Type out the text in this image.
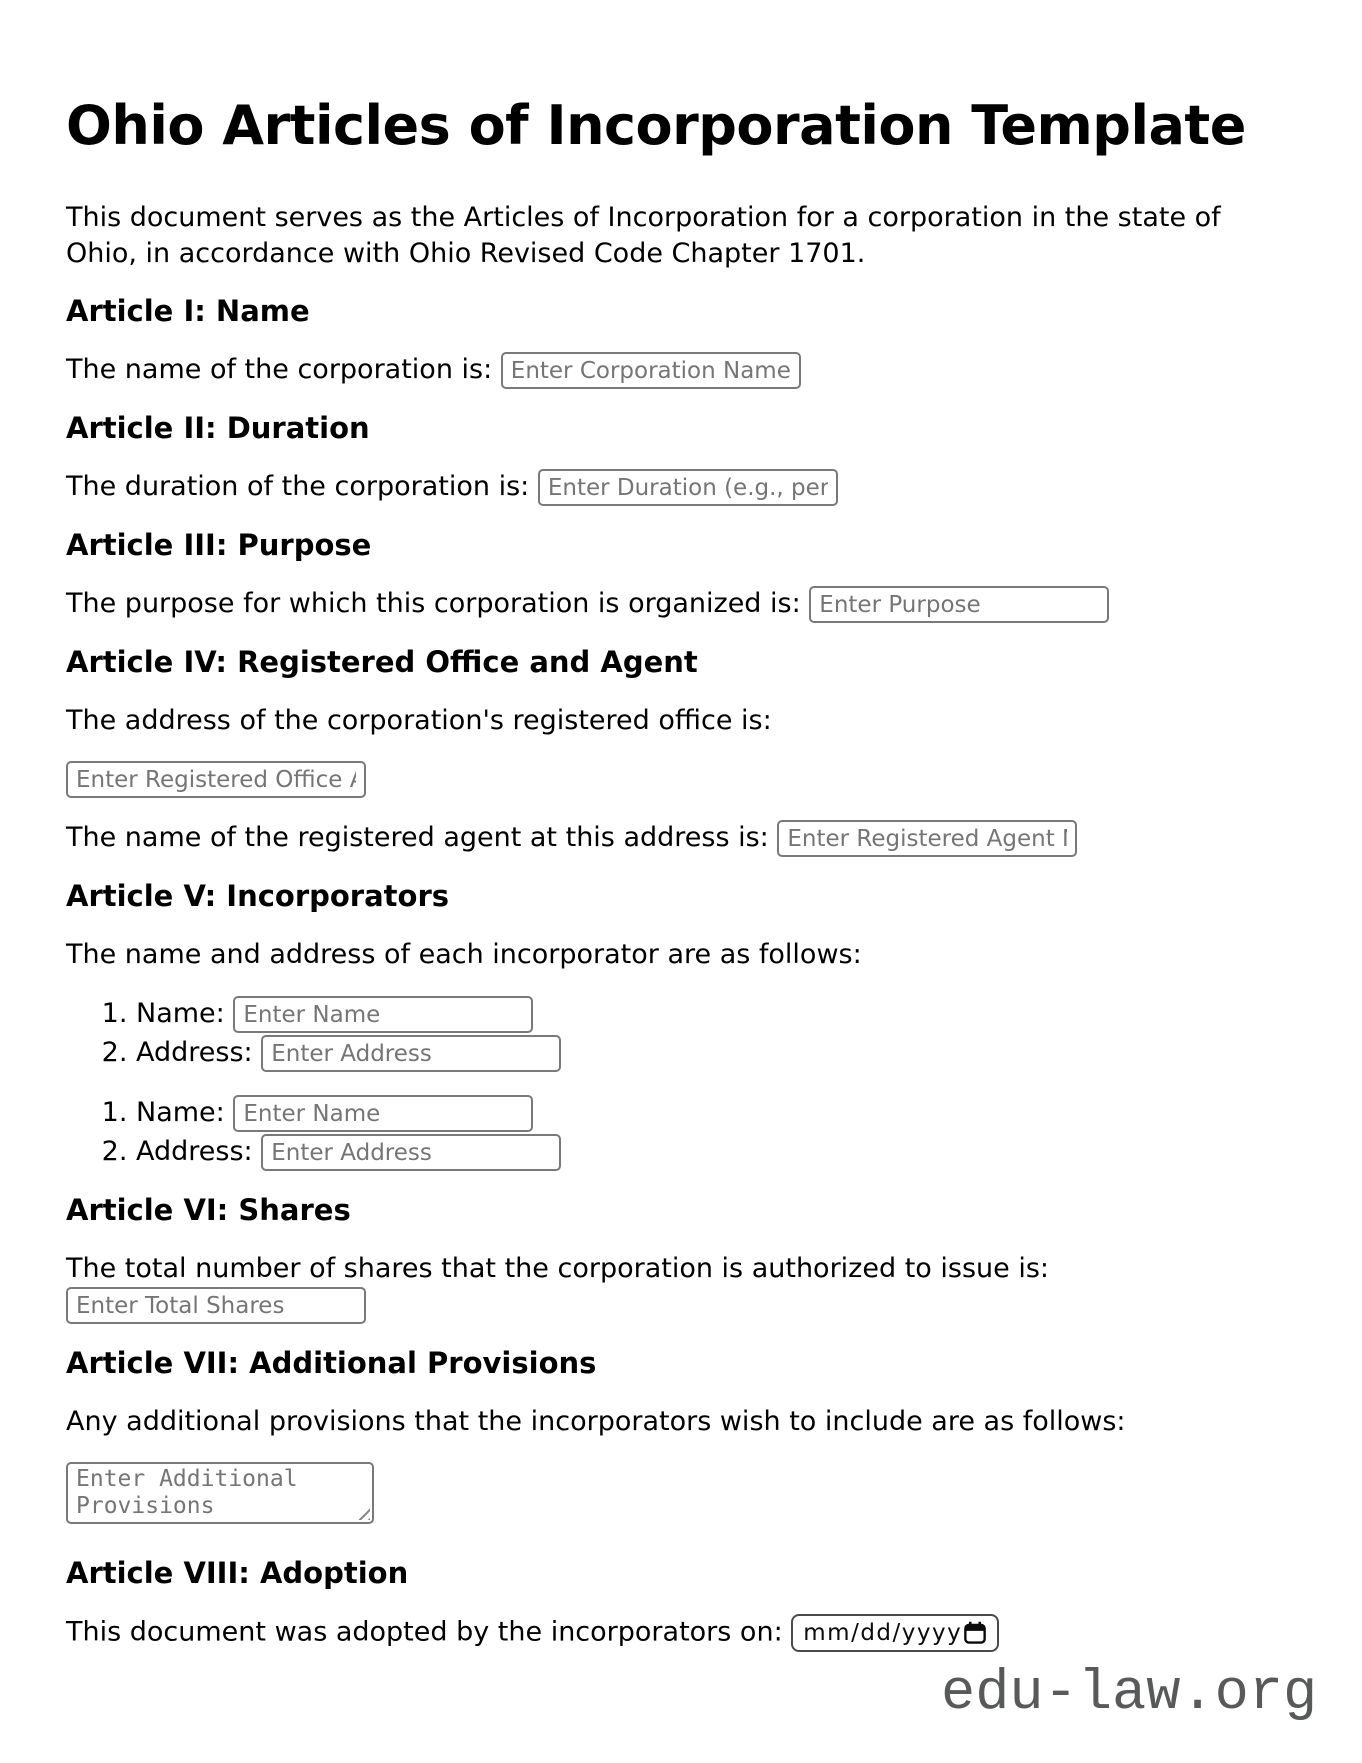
Ohio Articles of Incorporation Template

This document serves as the Articles of Incorporation for a corporation in the state of Ohio, in accordance with Ohio Revised Code Chapter 1701.

Article I: Name

The name of the corporation is: Enter Corporation Name

Article II: Duration

The duration of the corporation is: Enter Duration (e.g., perpetual)

Article III: Purpose

The purpose for which this corporation is organized is: Enter Purpose

Article IV: Registered Office and Agent

The address of the corporation's registered office is:

Enter Registered Office Address

The name of the registered agent at this address is: Enter Registered Agent Name

Article V: Incorporators

The name and address of each incorporator are as follows:

1. Name: Enter Name
2. Address: Enter Address
1. Name: Enter Name
2. Address: Enter Address
Article VI: Shares

The total number of shares that the corporation is authorized to issue is: Enter Total Shares

Article VII: Additional Provisions

Any additional provisions that the incorporators wish to include are as follows:

Enter Additional Provisions

Article VIII: Adoption

This document was adopted by the incorporators on: mm/dd/yyyy

edu-law.org
